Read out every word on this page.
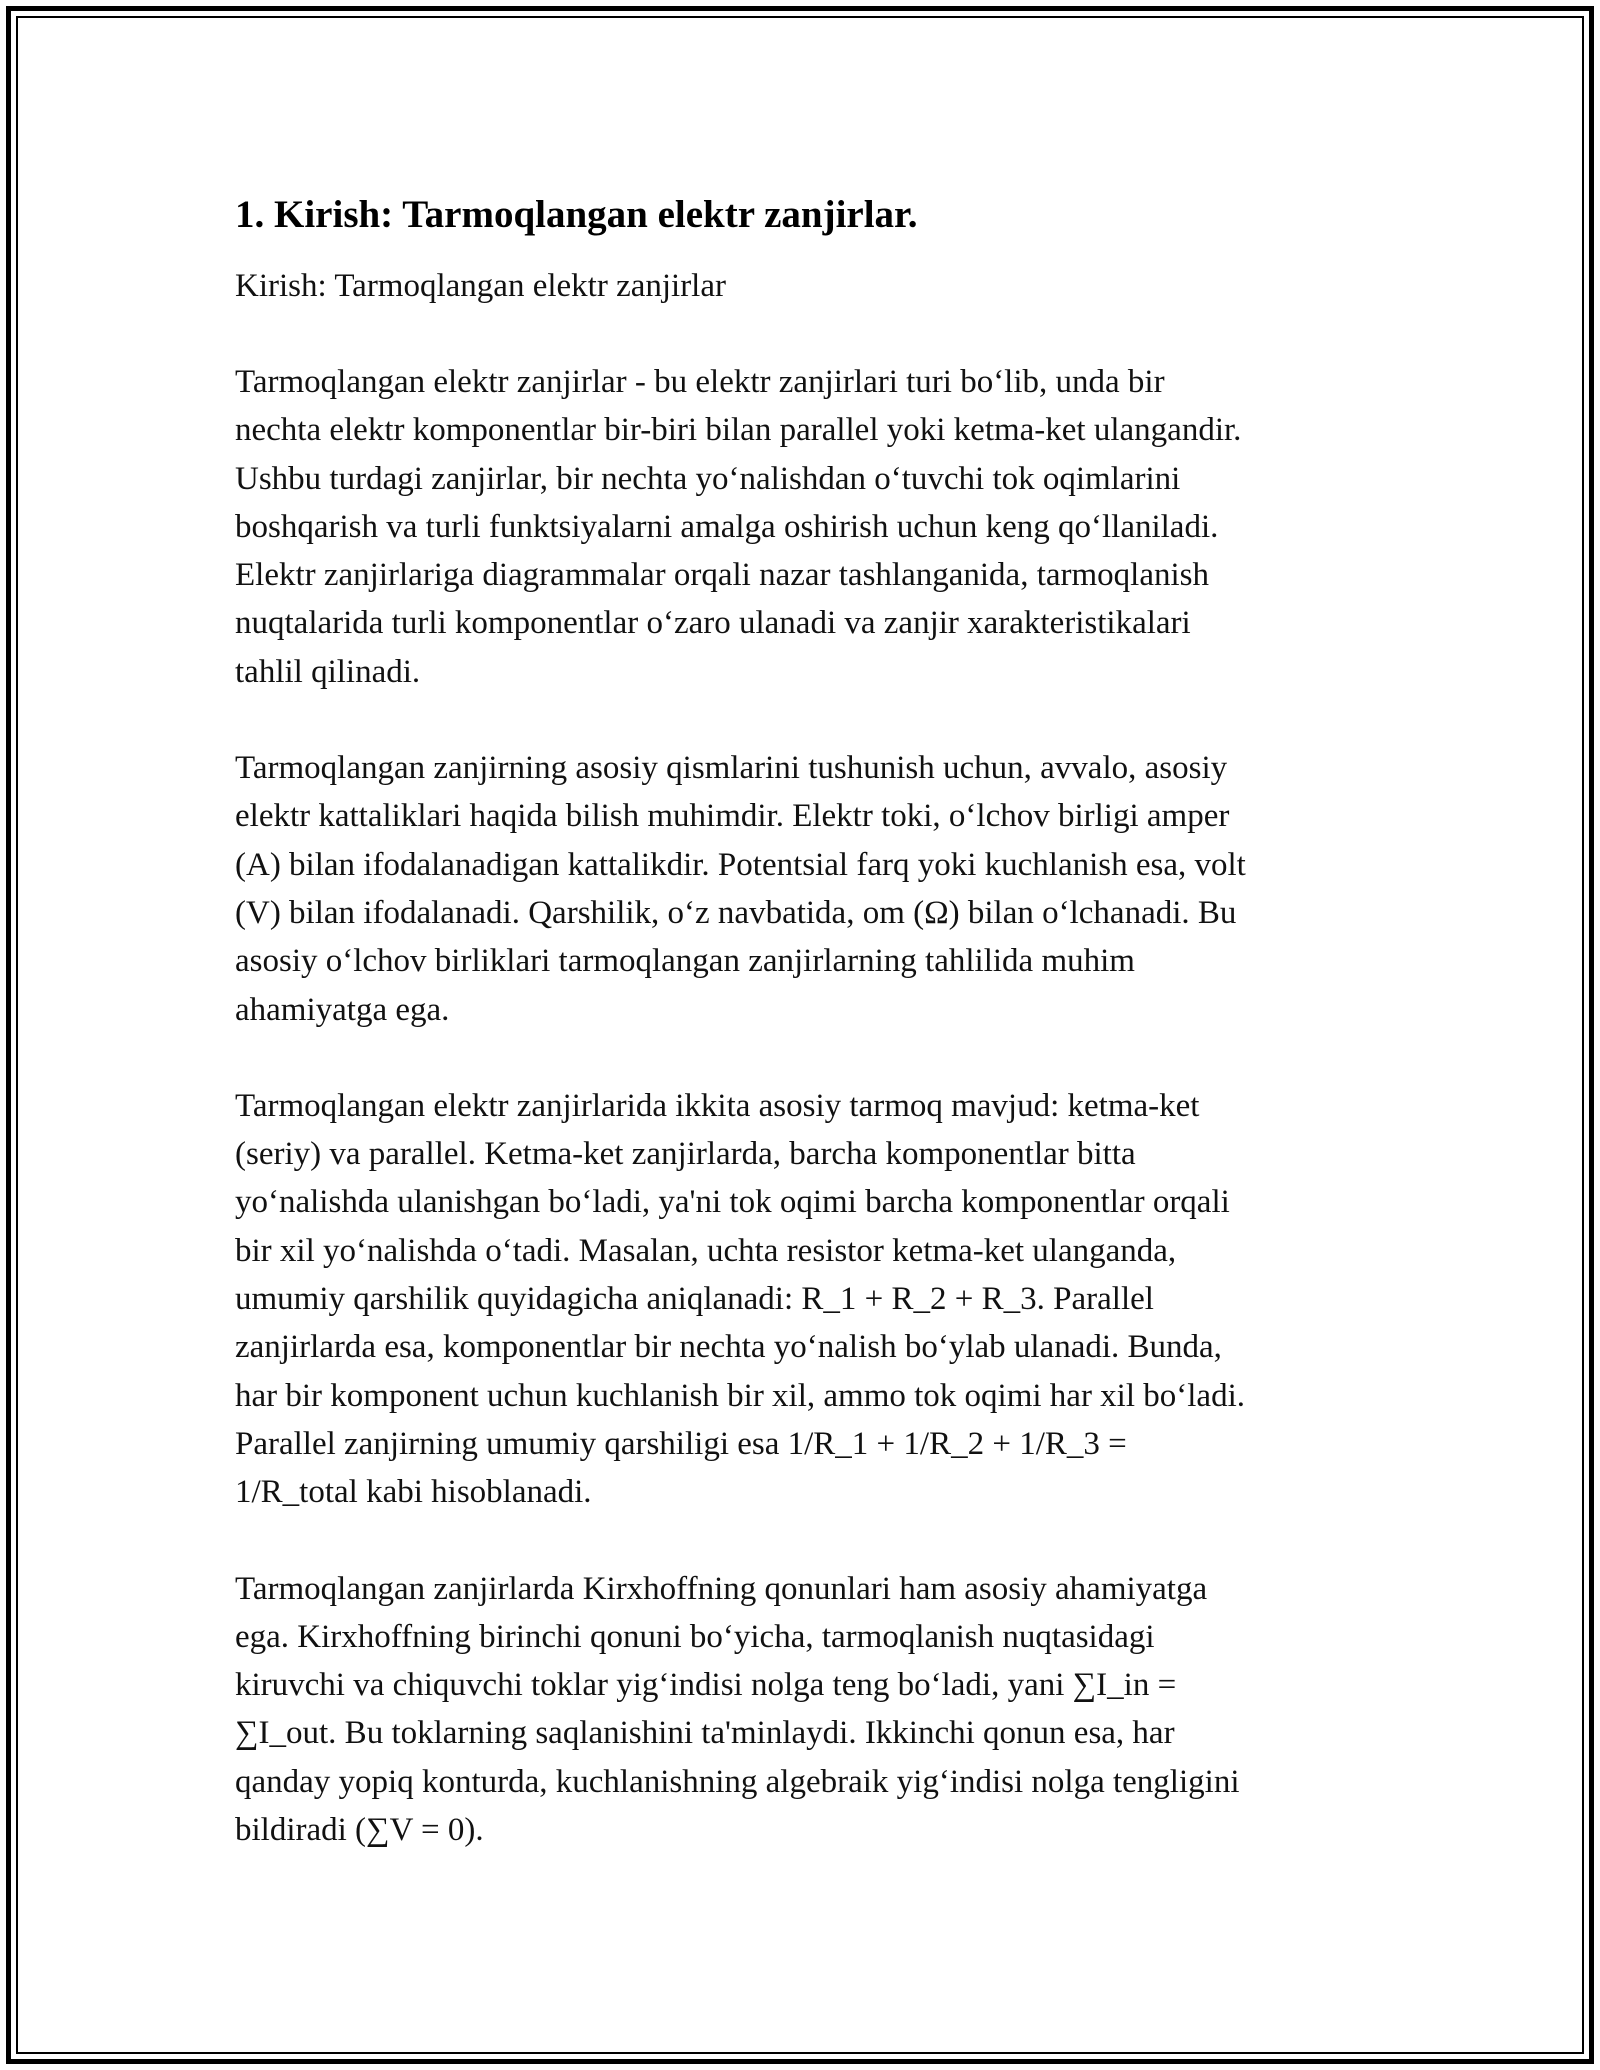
1. Kirish: Tarmoqlangan elektr zanjirlar.

Kirish: Tarmoqlangan elektr zanjirlar

Tarmoqlangan elektr zanjirlar - bu elektr zanjirlari turi bo‘lib, unda bir
nechta elektr komponentlar bir-biri bilan parallel yoki ketma-ket ulangandir.
Ushbu turdagi zanjirlar, bir nechta yo‘nalishdan o‘tuvchi tok oqimlarini
boshqarish va turli funktsiyalarni amalga oshirish uchun keng qo‘llaniladi.
Elektr zanjirlariga diagrammalar orqali nazar tashlanganida, tarmoqlanish
nuqtalarida turli komponentlar o‘zaro ulanadi va zanjir xarakteristikalari
tahlil qilinadi.

Tarmoqlangan zanjirning asosiy qismlarini tushunish uchun, avvalo, asosiy
elektr kattaliklari haqida bilish muhimdir. Elektr toki, o‘lchov birligi amper
(A) bilan ifodalanadigan kattalikdir. Potentsial farq yoki kuchlanish esa, volt
(V) bilan ifodalanadi. Qarshilik, o‘z navbatida, om (Ω) bilan o‘lchanadi. Bu
asosiy o‘lchov birliklari tarmoqlangan zanjirlarning tahlilida muhim
ahamiyatga ega.

Tarmoqlangan elektr zanjirlarida ikkita asosiy tarmoq mavjud: ketma-ket
(seriy) va parallel. Ketma-ket zanjirlarda, barcha komponentlar bitta
yo‘nalishda ulanishgan bo‘ladi, ya'ni tok oqimi barcha komponentlar orqali
bir xil yo‘nalishda o‘tadi. Masalan, uchta resistor ketma-ket ulanganda,
umumiy qarshilik quyidagicha aniqlanadi: R_1 + R_2 + R_3. Parallel
zanjirlarda esa, komponentlar bir nechta yo‘nalish bo‘ylab ulanadi. Bunda,
har bir komponent uchun kuchlanish bir xil, ammo tok oqimi har xil bo‘ladi.
Parallel zanjirning umumiy qarshiligi esa 1/R_1 + 1/R_2 + 1/R_3 =
1/R_total kabi hisoblanadi.

Tarmoqlangan zanjirlarda Kirxhoffning qonunlari ham asosiy ahamiyatga
ega. Kirxhoffning birinchi qonuni bo‘yicha, tarmoqlanish nuqtasidagi
kiruvchi va chiquvchi toklar yig‘indisi nolga teng bo‘ladi, yani ∑I_in =
∑I_out. Bu toklarning saqlanishini ta'minlaydi. Ikkinchi qonun esa, har
qanday yopiq konturda, kuchlanishning algebraik yig‘indisi nolga tengligini
bildiradi (∑V = 0).
